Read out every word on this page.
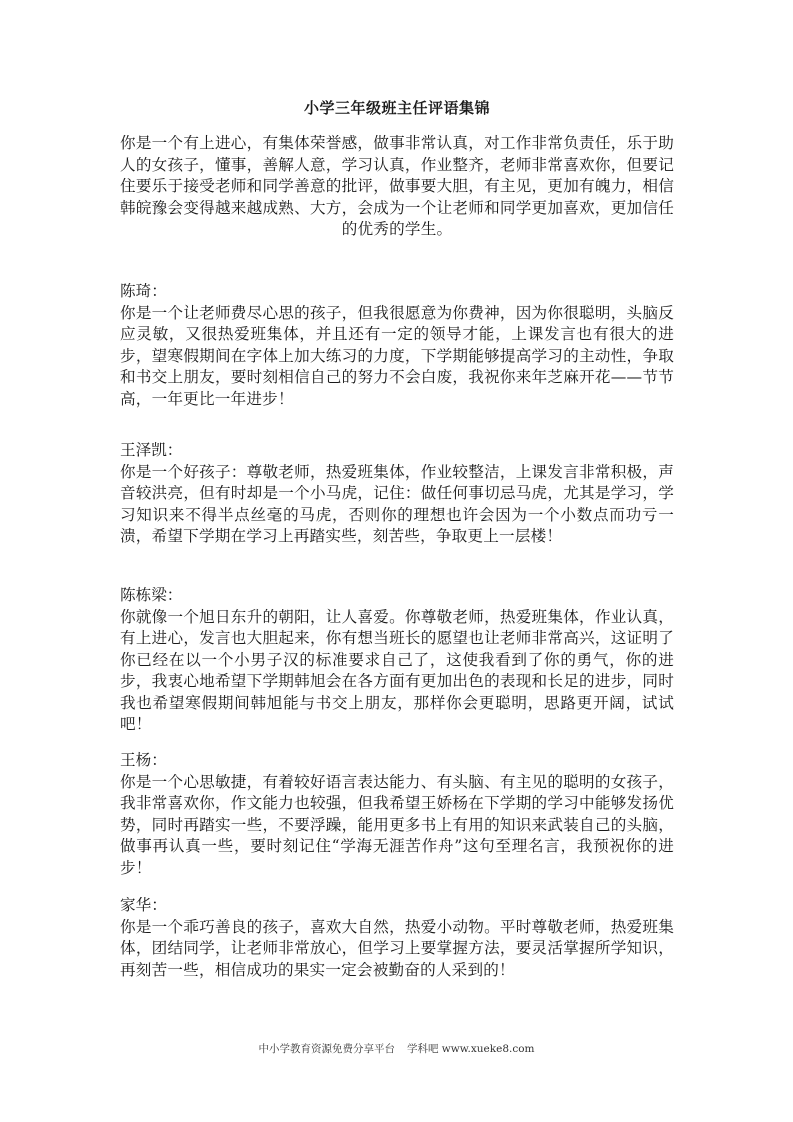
小学三年级班主任评语集锦
你是一个有上进心，有集体荣誉感，做事非常认真，对工作非常负责任，乐于助人的女孩子，懂事，善解人意，学习认真，作业整齐，老师非常喜欢你，但要记住要乐于接受老师和同学善意的批评，做事要大胆，有主见，更加有魄力，相信韩皖豫会变得越来越成熟、大方，会成为一个让老师和同学更加喜欢，更加信任的优秀的学生。
陈琦：
你是一个让老师费尽心思的孩子，但我很愿意为你费神，因为你很聪明，头脑反应灵敏，又很热爱班集体，并且还有一定的领导才能，上课发言也有很大的进步，望寒假期间在字体上加大练习的力度，下学期能够提高学习的主动性，争取和书交上朋友，要时刻相信自己的努力不会白废，我祝你来年芝麻开花——节节高，一年更比一年进步！
王泽凯：
你是一个好孩子：尊敬老师，热爱班集体，作业较整洁，上课发言非常积极，声音较洪亮，但有时却是一个小马虎，记住：做任何事切忌马虎，尤其是学习，学习知识来不得半点丝毫的马虎，否则你的理想也许会因为一个小数点而功亏一溃，希望下学期在学习上再踏实些，刻苦些，争取更上一层楼！
陈栋梁：
你就像一个旭日东升的朝阳，让人喜爱。你尊敬老师，热爱班集体，作业认真，有上进心，发言也大胆起来，你有想当班长的愿望也让老师非常高兴，这证明了你已经在以一个小男子汉的标准要求自己了，这使我看到了你的勇气，你的进步，我衷心地希望下学期韩旭会在各方面有更加出色的表现和长足的进步，同时我也希望寒假期间韩旭能与书交上朋友，那样你会更聪明，思路更开阔，试试吧！
王杨：
你是一个心思敏捷，有着较好语言表达能力、有头脑、有主见的聪明的女孩子，我非常喜欢你，作文能力也较强，但我希望王娇杨在下学期的学习中能够发扬优势，同时再踏实一些，不要浮躁，能用更多书上有用的知识来武装自己的头脑，做事再认真一些，要时刻记住“学海无涯苦作舟”这句至理名言，我预祝你的进步！
家华：
你是一个乖巧善良的孩子，喜欢大自然，热爱小动物。平时尊敬老师，热爱班集体，团结同学，让老师非常放心，但学习上要掌握方法，要灵活掌握所学知识，再刻苦一些，相信成功的果实一定会被勤奋的人采到的！
中小学教育资源免费分享平台 学科吧 www.xueke8.com
